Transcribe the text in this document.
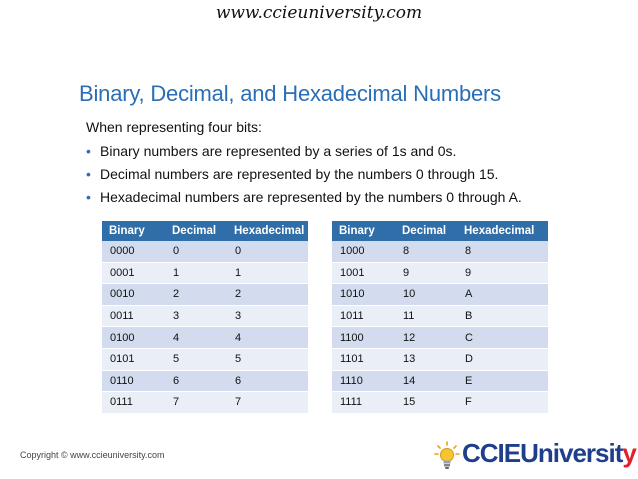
www.ccieuniversity.com
Binary, Decimal, and Hexadecimal Numbers
When representing four bits:
• Binary numbers are represented by a series of 1s and 0s.
• Decimal numbers are represented by the numbers 0 through 15.
• Hexadecimal numbers are represented by the numbers 0 through A.
Binary	Decimal	Hexadecimal
0000	0	0
0001	1	1
0010	2	2
0011	3	3
0100	4	4
0101	5	5
0110	6	6
0111	7	7
Binary	Decimal	Hexadecimal
1000	8	8
1001	9	9
1010	10	A
1011	11	B
1100	12	C
1101	13	D
1110	14	E
1111	15	F
Copyright © www.ccieuniversity.com	CCIEUniversity
